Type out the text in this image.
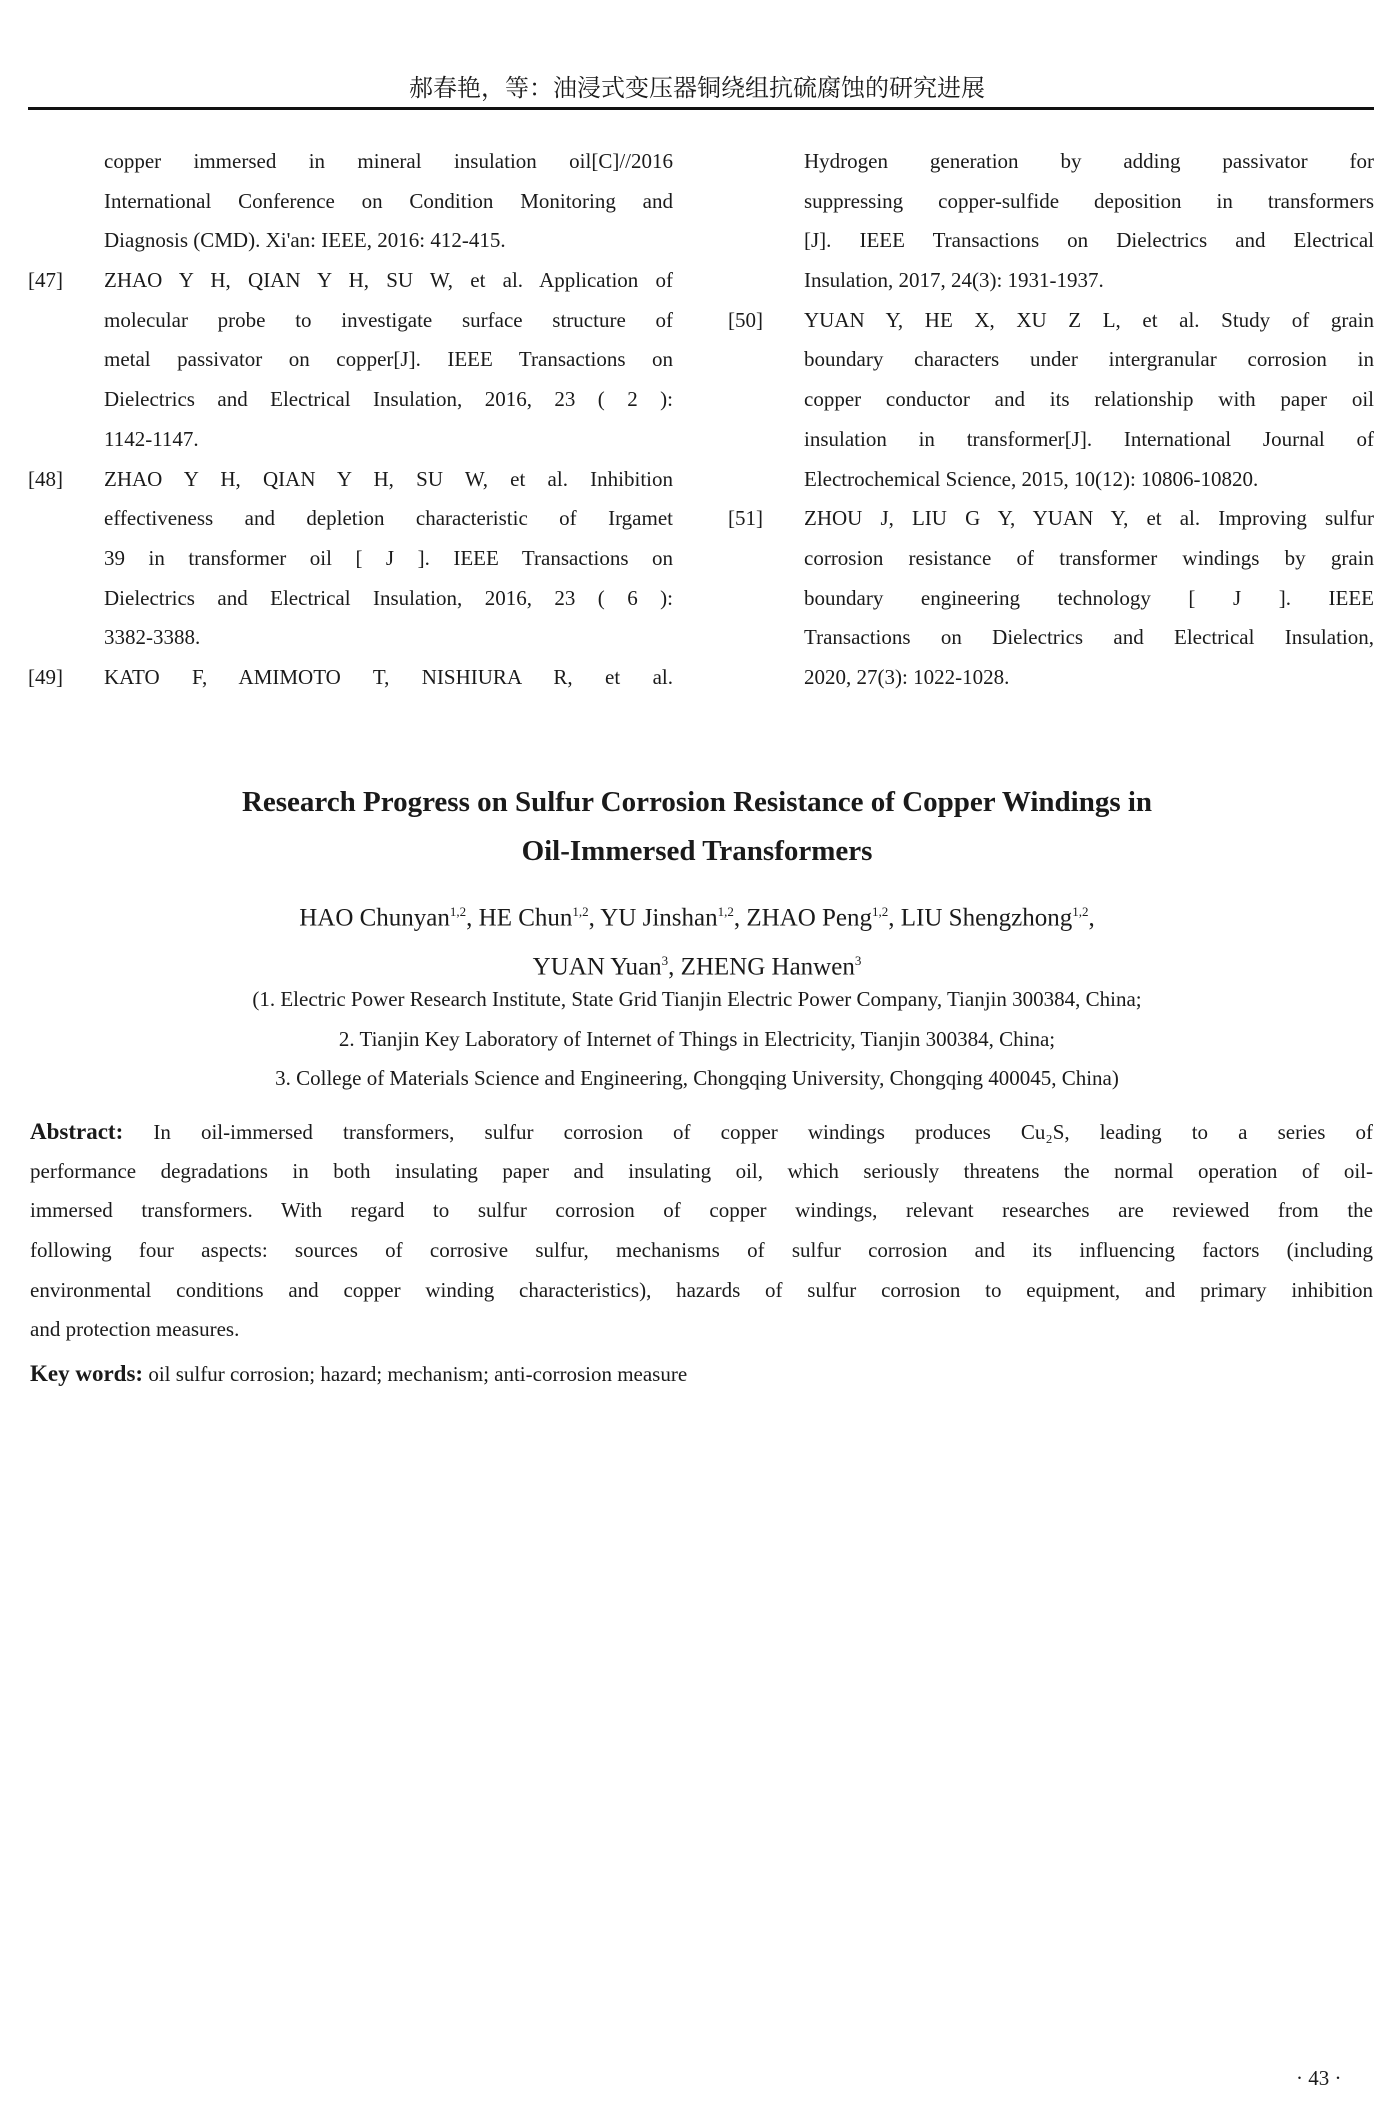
郝春艳，等：油浸式变压器铜绕组抗硫腐蚀的研究进展
copper immersed in mineral insulation oil[C]//2016
International Conference on Condition Monitoring and
Diagnosis (CMD). Xi'an: IEEE, 2016: 412-415.
[47] ZHAO Y H, QIAN Y H, SU W, et al. Application of
molecular probe to investigate surface structure of
metal passivator on copper[J]. IEEE Transactions on
Dielectrics and Electrical Insulation, 2016, 23 ( 2 ):
1142-1147.
[48] ZHAO Y H, QIAN Y H, SU W, et al. Inhibition
effectiveness and depletion characteristic of Irgamet
39 in transformer oil [ J ]. IEEE Transactions on
Dielectrics and Electrical Insulation, 2016, 23 ( 6 ):
3382-3388.
[49] KATO F, AMIMOTO T, NISHIURA R, et al.
Hydrogen generation by adding passivator for
suppressing copper-sulfide deposition in transformers
[J]. IEEE Transactions on Dielectrics and Electrical
Insulation, 2017, 24(3): 1931-1937.
[50] YUAN Y, HE X, XU Z L, et al. Study of grain
boundary characters under intergranular corrosion in
copper conductor and its relationship with paper oil
insulation in transformer[J]. International Journal of
Electrochemical Science, 2015, 10(12): 10806-10820.
[51] ZHOU J, LIU G Y, YUAN Y, et al. Improving sulfur
corrosion resistance of transformer windings by grain
boundary engineering technology [ J ]. IEEE
Transactions on Dielectrics and Electrical Insulation,
2020, 27(3): 1022-1028.
Research Progress on Sulfur Corrosion Resistance of Copper Windings in
Oil-Immersed Transformers
HAO Chunyan$^{1,2}$, HE Chun$^{1,2}$, YU Jinshan$^{1,2}$, ZHAO Peng$^{1,2}$, LIU Shengzhong$^{1,2}$,
YUAN Yuan$^3$, ZHENG Hanwen$^3$
(1. Electric Power Research Institute, State Grid Tianjin Electric Power Company, Tianjin 300384, China;
2. Tianjin Key Laboratory of Internet of Things in Electricity, Tianjin 300384, China;
3. College of Materials Science and Engineering, Chongqing University, Chongqing 400045, China)
Abstract: In oil-immersed transformers, sulfur corrosion of copper windings produces Cu₂S, leading to a series of
performance degradations in both insulating paper and insulating oil, which seriously threatens the normal operation of oil-
immersed transformers. With regard to sulfur corrosion of copper windings, relevant researches are reviewed from the
following four aspects: sources of corrosive sulfur, mechanisms of sulfur corrosion and its influencing factors (including
environmental conditions and copper winding characteristics), hazards of sulfur corrosion to equipment, and primary inhibition
and protection measures.
Key words: oil sulfur corrosion; hazard; mechanism; anti-corrosion measure
· 43 ·
